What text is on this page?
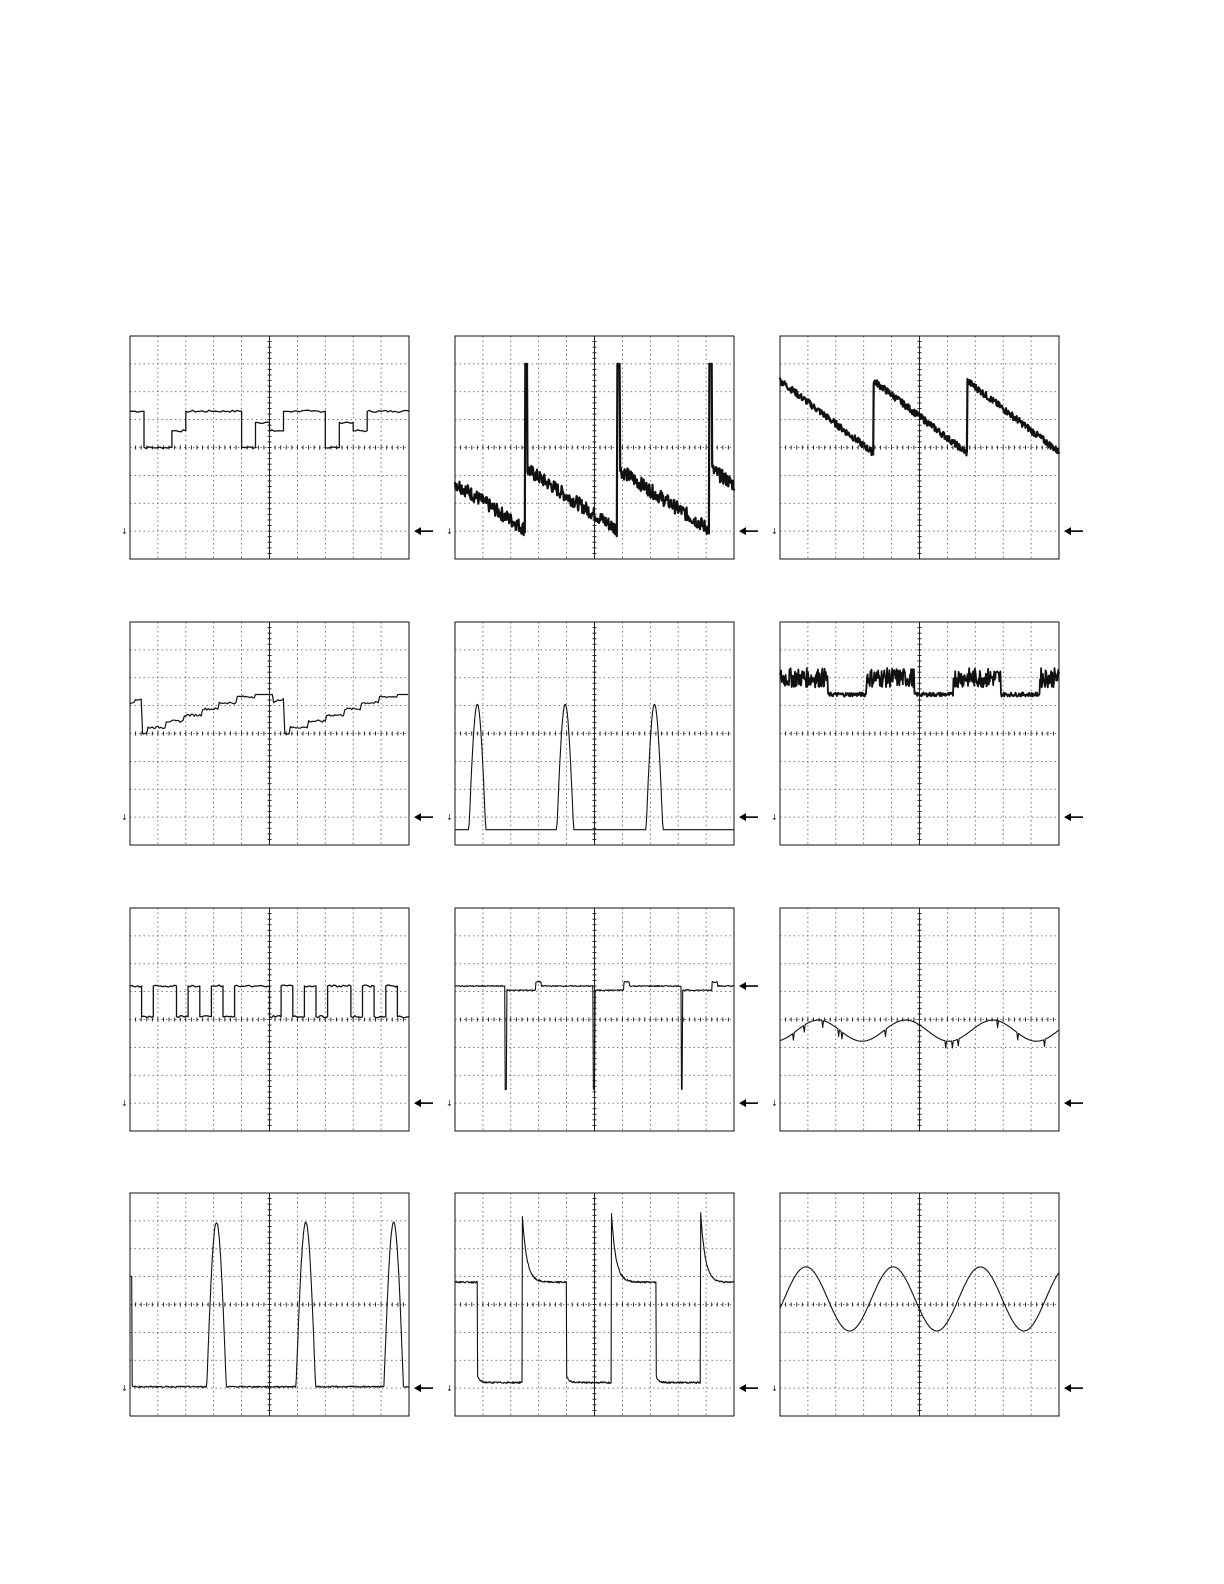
↓	↓	↓
↓	↓	↓
↓	↓	↓
↓	↓	↓
